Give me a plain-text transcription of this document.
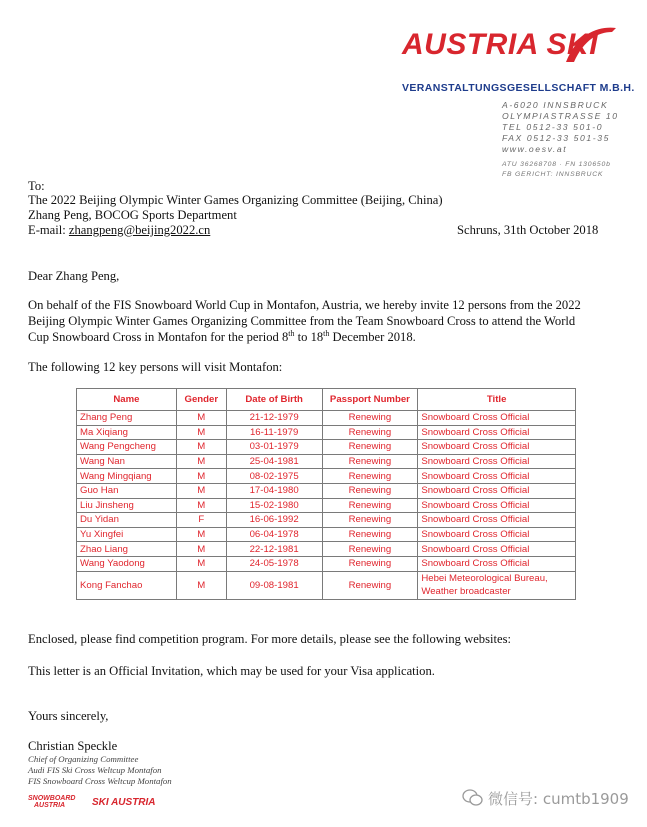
AUSTRIA SKI
VERANSTALTUNGSGESELLSCHAFT M.B.H.
A-6020 INNSBRUCK
OLYMPIASTRASSE 10
TEL 0512-33 501-0
FAX 0512-33 501-35
www.oesv.at
ATU 36268708 · FN 130650b
FB GERICHT: INNSBRUCK
To:
The 2022 Beijing Olympic Winter Games Organizing Committee (Beijing, China)
Zhang Peng, BOCOG Sports Department
E-mail: zhangpeng@beijing2022.cn	Schruns, 31th October 2018
Dear Zhang Peng,
On behalf of the FIS Snowboard World Cup in Montafon, Austria, we hereby invite 12 persons from the 2022
Beijing Olympic Winter Games Organizing Committee from the Team Snowboard Cross to attend the World
Cup Snowboard Cross in Montafon for the period 8th to 18th December 2018.
The following 12 key persons will visit Montafon:
Name	Gender	Date of Birth	Passport Number	Title
Zhang Peng	M	21-12-1979	Renewing	Snowboard Cross Official
Ma Xiqiang	M	16-11-1979	Renewing	Snowboard Cross Official
Wang Pengcheng	M	03-01-1979	Renewing	Snowboard Cross Official
Wang Nan	M	25-04-1981	Renewing	Snowboard Cross Official
Wang Mingqiang	M	08-02-1975	Renewing	Snowboard Cross Official
Guo Han	M	17-04-1980	Renewing	Snowboard Cross Official
Liu Jinsheng	M	15-02-1980	Renewing	Snowboard Cross Official
Du Yidan	F	16-06-1992	Renewing	Snowboard Cross Official
Yu Xingfei	M	06-04-1978	Renewing	Snowboard Cross Official
Zhao Liang	M	22-12-1981	Renewing	Snowboard Cross Official
Wang Yaodong	M	24-05-1978	Renewing	Snowboard Cross Official
Kong Fanchao	M	09-08-1981	Renewing	Hebei Meteorological Bureau,
Weather broadcaster
Enclosed, please find competition program. For more details, please see the following websites:
This letter is an Official Invitation, which may be used for your Visa application.
Yours sincerely,
Christian Speckle
Chief of Organizing Committee
Audi FIS Ski Cross Weltcup Montafon
FIS Snowboard Cross Weltcup Montafon
SNOWBOARD
AUSTRIA	SKI AUSTRIA	微信号: cumtb1909
